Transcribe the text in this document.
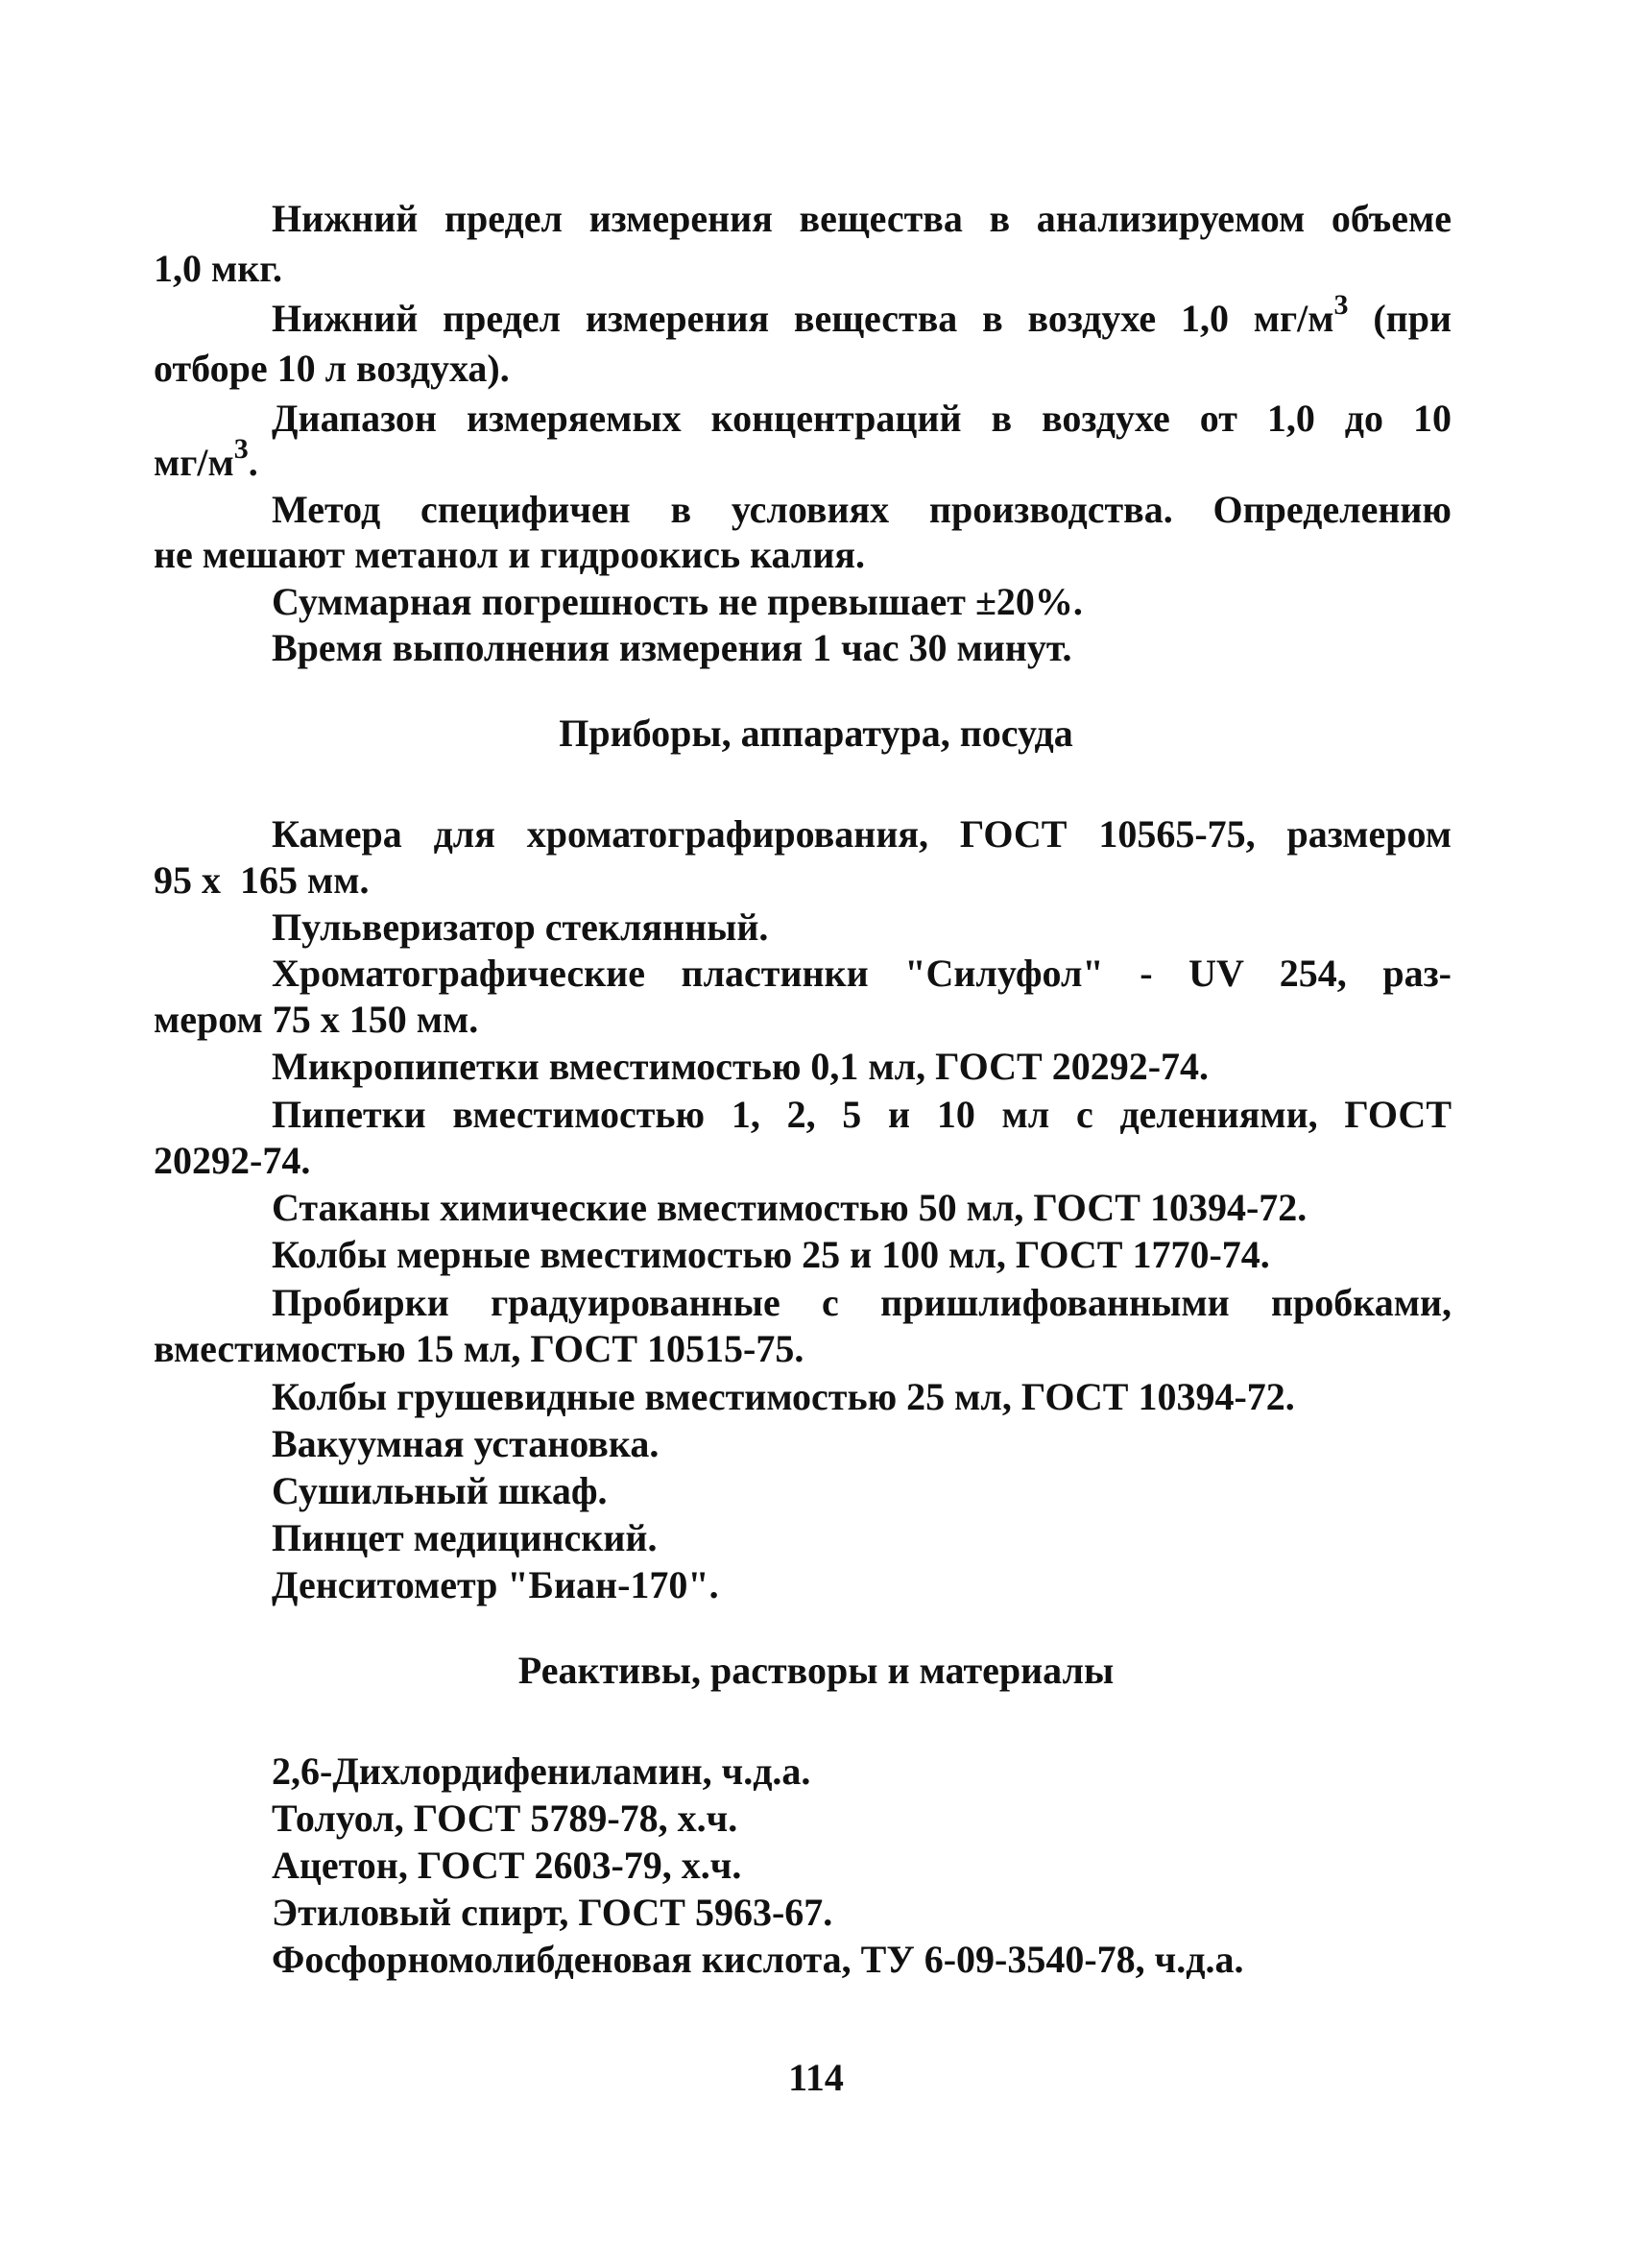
Нижний предел измерения вещества в анализируемом объеме
1,0 мкг.
Нижний предел измерения вещества в воздухе 1,0 $мг/м^3$ (при
отборе 10 л воздуха).
Диапазон измеряемых концентраций в воздухе от 1,0 до 10
$мг/м^3$.
Метод специфичен в условиях производства. Определению
не мешают метанол и гидроокись калия.
Суммарная погрешность не превышает ±20%.
Время выполнения измерения 1 час 30 минут.
Приборы, аппаратура, посуда
Камера для хроматографирования, ГОСТ 10565-75, размером
95 х  165 мм.
Пульверизатор стеклянный.
Хроматографические пластинки "Силуфол" - UV 254, раз-
мером 75 х 150 мм.
Микропипетки вместимостью 0,1 мл, ГОСТ 20292-74.
Пипетки вместимостью 1, 2, 5 и 10 мл с делениями, ГОСТ
20292-74.
Стаканы химические вместимостью 50 мл, ГОСТ 10394-72.
Колбы мерные вместимостью 25 и 100 мл, ГОСТ 1770-74.
Пробирки градуированные с пришлифованными пробками,
вместимостью 15 мл, ГОСТ 10515-75.
Колбы грушевидные вместимостью 25 мл, ГОСТ 10394-72.
Вакуумная установка.
Сушильный шкаф.
Пинцет медицинский.
Денситометр "Биан-170".
Реактивы, растворы и материалы
2,6-Дихлордифениламин, ч.д.а.
Толуол, ГОСТ 5789-78, х.ч.
Ацетон, ГОСТ 2603-79, х.ч.
Этиловый спирт, ГОСТ 5963-67.
Фосфорномолибденовая кислота, ТУ 6-09-3540-78, ч.д.а.
114
